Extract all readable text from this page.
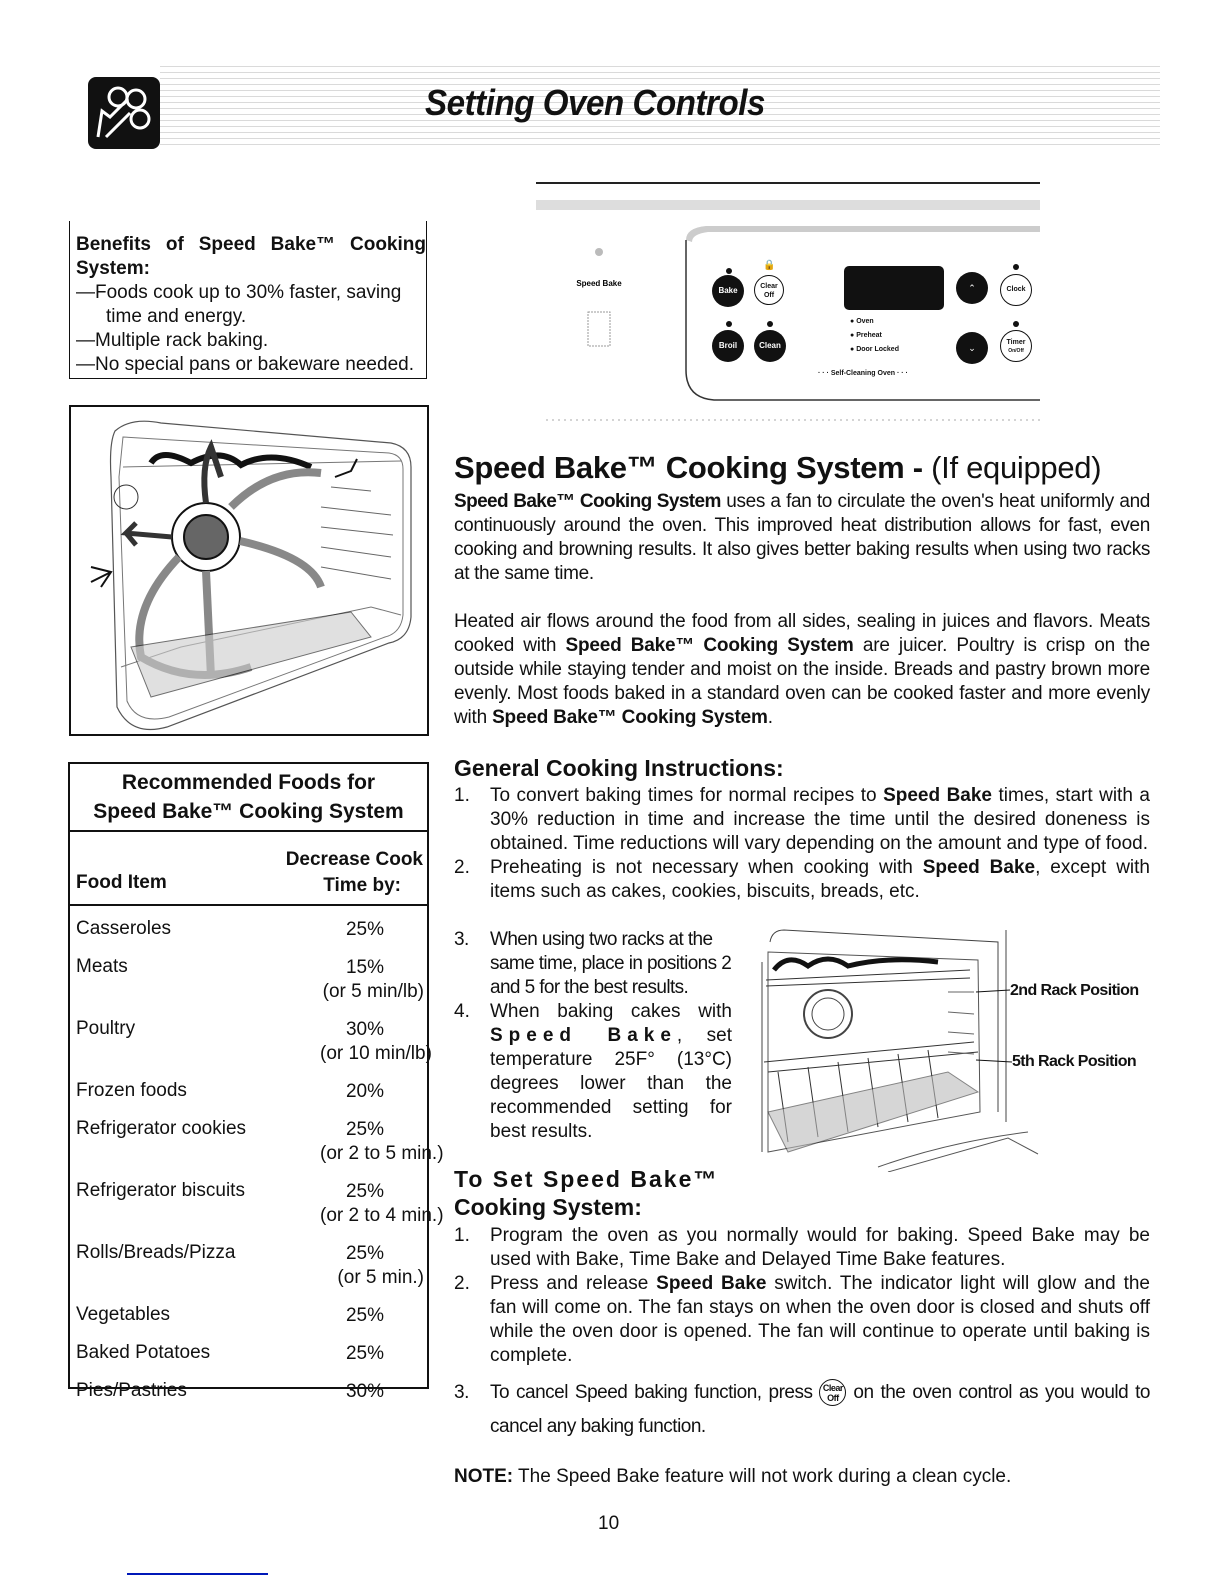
Setting Oven Controls
Benefits of Speed Bake™ Cooking System:
—Foods cook up to 30% faster, saving
time and energy.
—Multiple rack baking.
—No special pans or bakeware needed.
Speed Bake
Bake
🔒
Clear
Off
Broil	Clean
● Oven
● Preheat
● Door Locked
· · · Self-Cleaning Oven · · ·
⌃
⌄
Clock
Timer
On/Off
Recommended Foods for
Speed Bake™ Cooking System
Food Item
Decrease Cook
Time by:
Casseroles	25%
Meats	15%
(or 5 min/lb)
Poultry	30%
(or 10 min/lb)
Frozen foods	20%
Refrigerator cookies	25%
(or 2 to 5 min.)
Refrigerator biscuits	25%
(or 2 to 4 min.)
Rolls/Breads/Pizza	25%
(or 5 min.)
Vegetables	25%
Baked Potatoes	25%
Pies/Pastries	30%
Speed Bake™ Cooking System - (If equipped)
Speed Bake™ Cooking System uses a fan to circulate the oven's heat uniformly and continuously around the oven. This improved heat distribution allows for fast, even cooking and browning results. It also gives better baking results when using two racks at the same time.
Heated air flows around the food from all sides, sealing in juices and flavors. Meats cooked with Speed Bake™ Cooking System are juicer. Poultry is crisp on the outside while staying tender and moist on the inside. Breads and pastry brown more evenly. Most foods baked in a standard oven can be cooked faster and more evenly with Speed Bake™ Cooking System.
General Cooking Instructions:
1. To convert baking times for normal recipes to Speed Bake times, start with a 30% reduction in time and increase the time until the desired doneness is obtained. Time reductions will vary depending on the amount and type of food.
2. Preheating is not necessary when cooking with Speed Bake, except with items such as cakes, cookies, biscuits, breads, etc.
3. When using two racks at the same time, place in positions 2 and 5 for the best results.
4. When baking cakes with Speed Bake, set temperature 25F° (13°C) degrees lower than the recommended setting for best results.
2nd Rack Position
5th Rack Position
To Set Speed Bake™
Cooking System:
1. Program the oven as you normally would for baking. Speed Bake may be used with Bake, Time Bake and Delayed Time Bake features.
2. Press and release Speed Bake switch. The indicator light will glow and the fan will come on. The fan stays on when the oven door is closed and shuts off while the oven door is opened. The fan will continue to operate until baking is complete.
3. To cancel Speed baking function, press Clear
Off on the oven control as you would to cancel any baking function.
NOTE: The Speed Bake feature will not work during a clean cycle.
10
